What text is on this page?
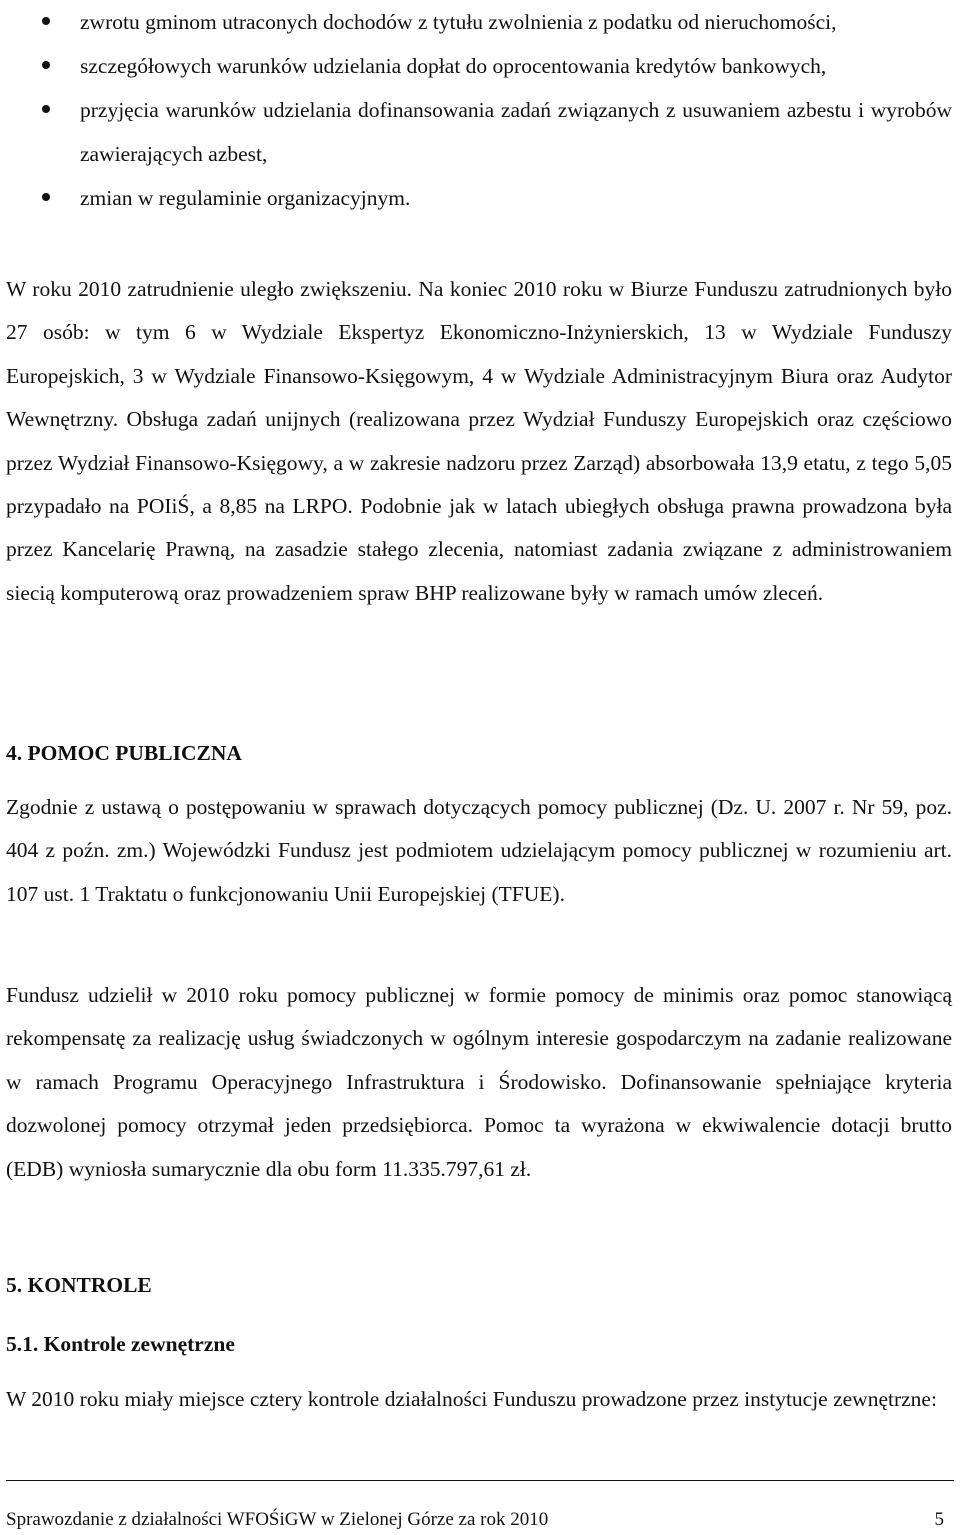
zwrotu gminom utraconych dochodów z tytułu zwolnienia z podatku od nieruchomości,
szczegółowych warunków udzielania dopłat do oprocentowania kredytów bankowych,
przyjęcia warunków udzielania dofinansowania zadań związanych z usuwaniem azbestu i wyrobów zawierających azbest,
zmian w regulaminie organizacyjnym.

W roku 2010 zatrudnienie uległo zwiększeniu. Na koniec 2010 roku w Biurze Funduszu zatrudnionych było 27 osób: w tym 6 w Wydziale Ekspertyz Ekonomiczno-Inżynierskich, 13 w Wydziale Funduszy Europejskich, 3 w Wydziale Finansowo-Księgowym, 4 w Wydziale Administracyjnym Biura oraz Audytor Wewnętrzny. Obsługa zadań unijnych (realizowana przez Wydział Funduszy Europejskich oraz częściowo przez Wydział Finansowo-Księgowy, a w zakresie nadzoru przez Zarząd) absorbowała 13,9 etatu, z tego 5,05 przypadało na POIiŚ, a 8,85 na LRPO. Podobnie jak w latach ubiegłych obsługa prawna prowadzona była przez Kancelarię Prawną, na zasadzie stałego zlecenia, natomiast zadania związane z administrowaniem siecią komputerową oraz prowadzeniem spraw BHP realizowane były w ramach umów zleceń.

4. POMOC PUBLICZNA

Zgodnie z ustawą o postępowaniu w sprawach dotyczących pomocy publicznej (Dz. U. 2007 r. Nr 59, poz. 404 z poźn. zm.) Wojewódzki Fundusz jest podmiotem udzielającym pomocy publicznej w rozumieniu art. 107 ust. 1 Traktatu o funkcjonowaniu Unii Europejskiej (TFUE).

Fundusz udzielił w 2010 roku pomocy publicznej w formie pomocy de minimis oraz pomoc stanowiącą rekompensatę za realizację usług świadczonych w ogólnym interesie gospodarczym na zadanie realizowane w ramach Programu Operacyjnego Infrastruktura i Środowisko. Dofinansowanie spełniające kryteria dozwolonej pomocy otrzymał jeden przedsiębiorca. Pomoc ta wyrażona w ekwiwalencie dotacji brutto (EDB) wyniosła sumarycznie dla obu form 11.335.797,61 zł.

5. KONTROLE
5.1. Kontrole zewnętrzne

W 2010 roku miały miejsce cztery kontrole działalności Funduszu prowadzone przez instytucje zewnętrzne:

Sprawozdanie z działalności WFOŚiGW w Zielonej Górze za rok 2010	5
